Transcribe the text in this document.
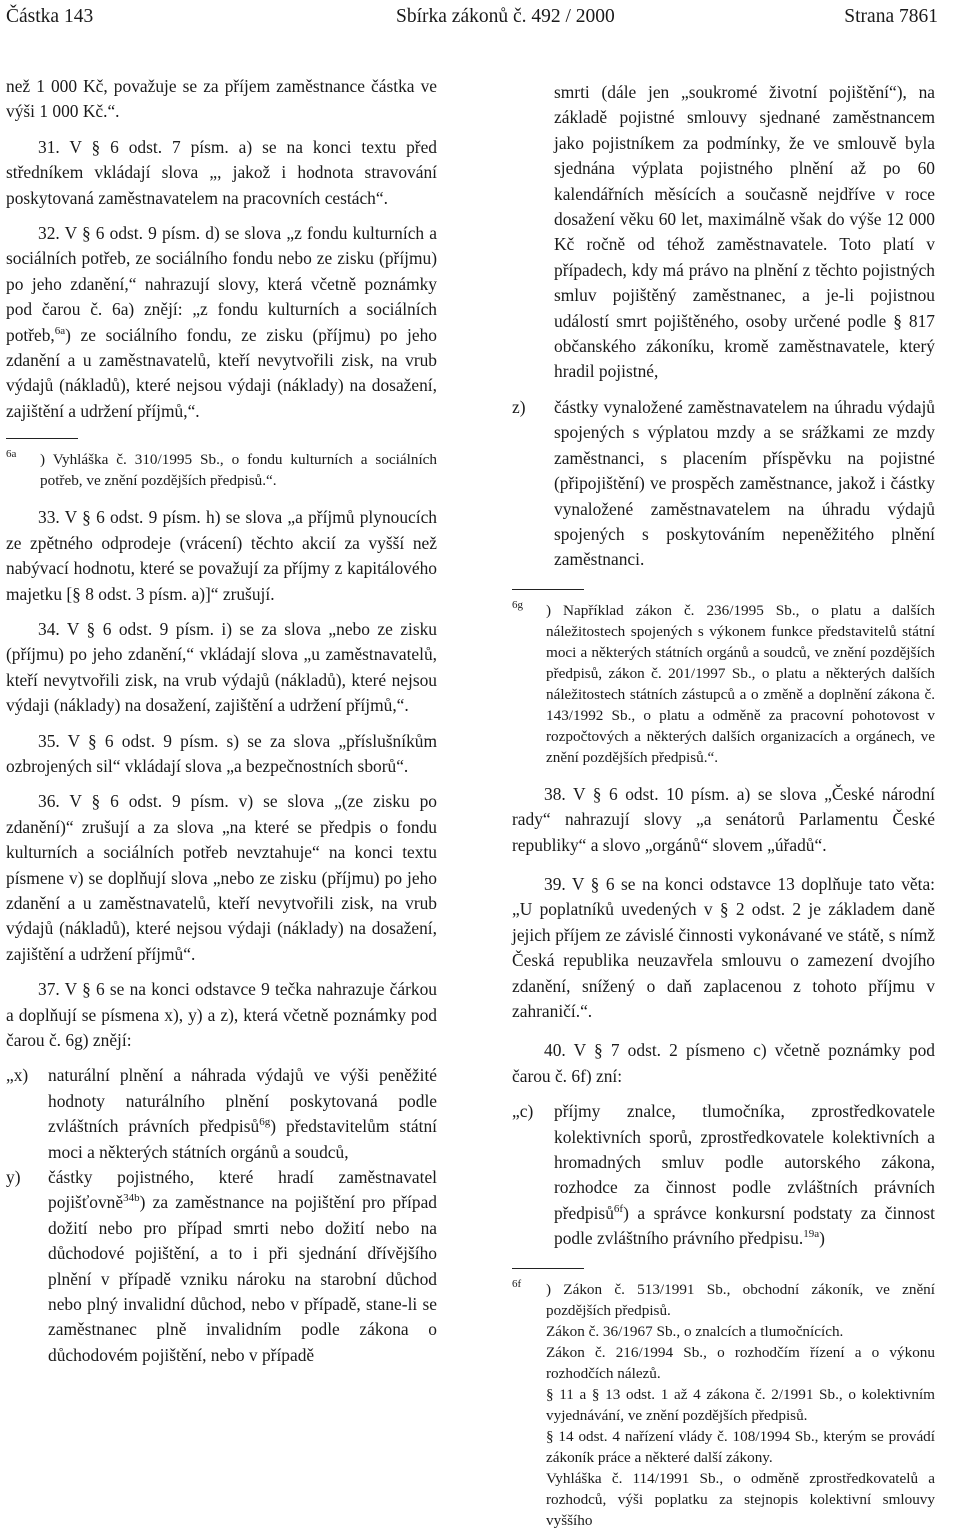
Částka 143	Sbírka zákonů č. 492 / 2000	Strana 7861

než 1 000 Kč, považuje se za příjem zaměstnance částka ve výši 1 000 Kč.“.

31. V § 6 odst. 7 písm. a) se na konci textu před středníkem vkládají slova „, jakož i hodnota stravování poskytovaná zaměstnavatelem na pracovních cestách“.

32. V § 6 odst. 9 písm. d) se slova „z fondu kulturních a sociálních potřeb, ze sociálního fondu nebo ze zisku (příjmu) po jeho zdanění,“ nahrazují slovy, která včetně poznámky pod čarou č. 6a) znějí: „z fondu kulturních a sociálních potřeb,$^{6a}$) ze sociálního fondu, ze zisku (příjmu) po jeho zdanění a u zaměstnavatelů, kteří nevytvořili zisk, na vrub výdajů (nákladů), které nejsou výdaji (náklady) na dosažení, zajištění a udržení příjmů,“.

$^{6a}$ ) Vyhláška č. 310/1995 Sb., o fondu kulturních a sociálních potřeb, ve znění pozdějších předpisů.“.

33. V § 6 odst. 9 písm. h) se slova „a příjmů plynoucích ze zpětného odprodeje (vrácení) těchto akcií za vyšší než nabývací hodnotu, které se považují za příjmy z kapitálového majetku [§ 8 odst. 3 písm. a)]“ zrušují.

34. V § 6 odst. 9 písm. i) se za slova „nebo ze zisku (příjmu) po jeho zdanění,“ vkládají slova „u zaměstnavatelů, kteří nevytvořili zisk, na vrub výdajů (nákladů), které nejsou výdaji (náklady) na dosažení, zajištění a udržení příjmů,“.

35. V § 6 odst. 9 písm. s) se za slova „příslušníkům ozbrojených sil“ vkládají slova „a bezpečnostních sborů“.

36. V § 6 odst. 9 písm. v) se slova „(ze zisku po zdanění)“ zrušují a za slova „na které se předpis o fondu kulturních a sociálních potřeb nevztahuje“ na konci textu písmene v) se doplňují slova „nebo ze zisku (příjmu) po jeho zdanění a u zaměstnavatelů, kteří nevytvořili zisk, na vrub výdajů (nákladů), které nejsou výdaji (náklady) na dosažení, zajištění a udržení příjmů“.

37. V § 6 se na konci odstavce 9 tečka nahrazuje čárkou a doplňují se písmena x), y) a z), která včetně poznámky pod čarou č. 6g) znějí:

„x) naturální plnění a náhrada výdajů ve výši peněžité hodnoty naturálního plnění poskytovaná podle zvláštních právních předpisů$^{6g}$) představitelům státní moci a některých státních orgánů a soudců,
y) částky pojistného, které hradí zaměstnavatel pojišťovně$^{34b}$) za zaměstnance na pojištění pro případ dožití nebo pro případ smrti nebo dožití nebo na důchodové pojištění, a to i při sjednání dřívějšího plnění v případě vzniku nároku na starobní důchod nebo plný invalidní důchod, nebo v případě, stane-li se zaměstnanec plně invalidním podle zákona o důchodovém pojištění, nebo v případě

smrti (dále jen „soukromé životní pojištění“), na základě pojistné smlouvy sjednané zaměstnancem jako pojistníkem za podmínky, že ve smlouvě byla sjednána výplata pojistného plnění až po 60 kalendářních měsících a současně nejdříve v roce dosažení věku 60 let, maximálně však do výše 12 000 Kč ročně od téhož zaměstnavatele. Toto platí v případech, kdy má právo na plnění z těchto pojistných smluv pojištěný zaměstnanec, a je-li pojistnou událostí smrt pojištěného, osoby určené podle § 817 občanského zákoníku, kromě zaměstnavatele, který hradil pojistné,

z) částky vynaložené zaměstnavatelem na úhradu výdajů spojených s výplatou mzdy a se srážkami ze mzdy zaměstnanci, s placením příspěvku na pojistné (připojištění) ve prospěch zaměstnance, jakož i částky vynaložené zaměstnavatelem na úhradu výdajů spojených s poskytováním nepeněžitého plnění zaměstnanci.
$^{6g}$ ) Například zákon č. 236/1995 Sb., o platu a dalších náležitostech spojených s výkonem funkce představitelů státní moci a některých státních orgánů a soudců, ve znění pozdějších předpisů, zákon č. 201/1997 Sb., o platu a některých dalších náležitostech státních zástupců a o změně a doplnění zákona č. 143/1992 Sb., o platu a odměně za pracovní pohotovost v rozpočtových a některých dalších organizacích a orgánech, ve znění pozdějších předpisů.“.

38. V § 6 odst. 10 písm. a) se slova „České národní rady“ nahrazují slovy „a senátorů Parlamentu České republiky“ a slovo „orgánů“ slovem „úřadů“.

39. V § 6 se na konci odstavce 13 doplňuje tato věta: „U poplatníků uvedených v § 2 odst. 2 je základem daně jejich příjem ze závislé činnosti vykonávané ve státě, s nímž Česká republika neuzavřela smlouvu o zamezení dvojího zdanění, snížený o daň zaplacenou z tohoto příjmu v zahraničí.“.

40. V § 7 odst. 2 písmeno c) včetně poznámky pod čarou č. 6f) zní:

„c) příjmy znalce, tlumočníka, zprostředkovatele kolektivních sporů, zprostředkovatele kolektivních a hromadných smluv podle autorského zákona, rozhodce za činnost podle zvláštních právních předpisů$^{6f}$) a správce konkursní podstaty za činnost podle zvláštního právního předpisu.$^{19a}$)
$^{6f}$ ) Zákon č. 513/1991 Sb., obchodní zákoník, ve znění pozdějších předpisů.
Zákon č. 36/1967 Sb., o znalcích a tlumočnících.
Zákon č. 216/1994 Sb., o rozhodčím řízení a o výkonu rozhodčích nálezů.
§ 11 a § 13 odst. 1 až 4 zákona č. 2/1991 Sb., o kolektivním vyjednávání, ve znění pozdějších předpisů.
§ 14 odst. 4 nařízení vlády č. 108/1994 Sb., kterým se provádí zákoník práce a některé další zákony.
Vyhláška č. 114/1991 Sb., o odměně zprostředkovatelů a rozhodců, výši poplatku za stejnopis kolektivní smlouvy vyššího
